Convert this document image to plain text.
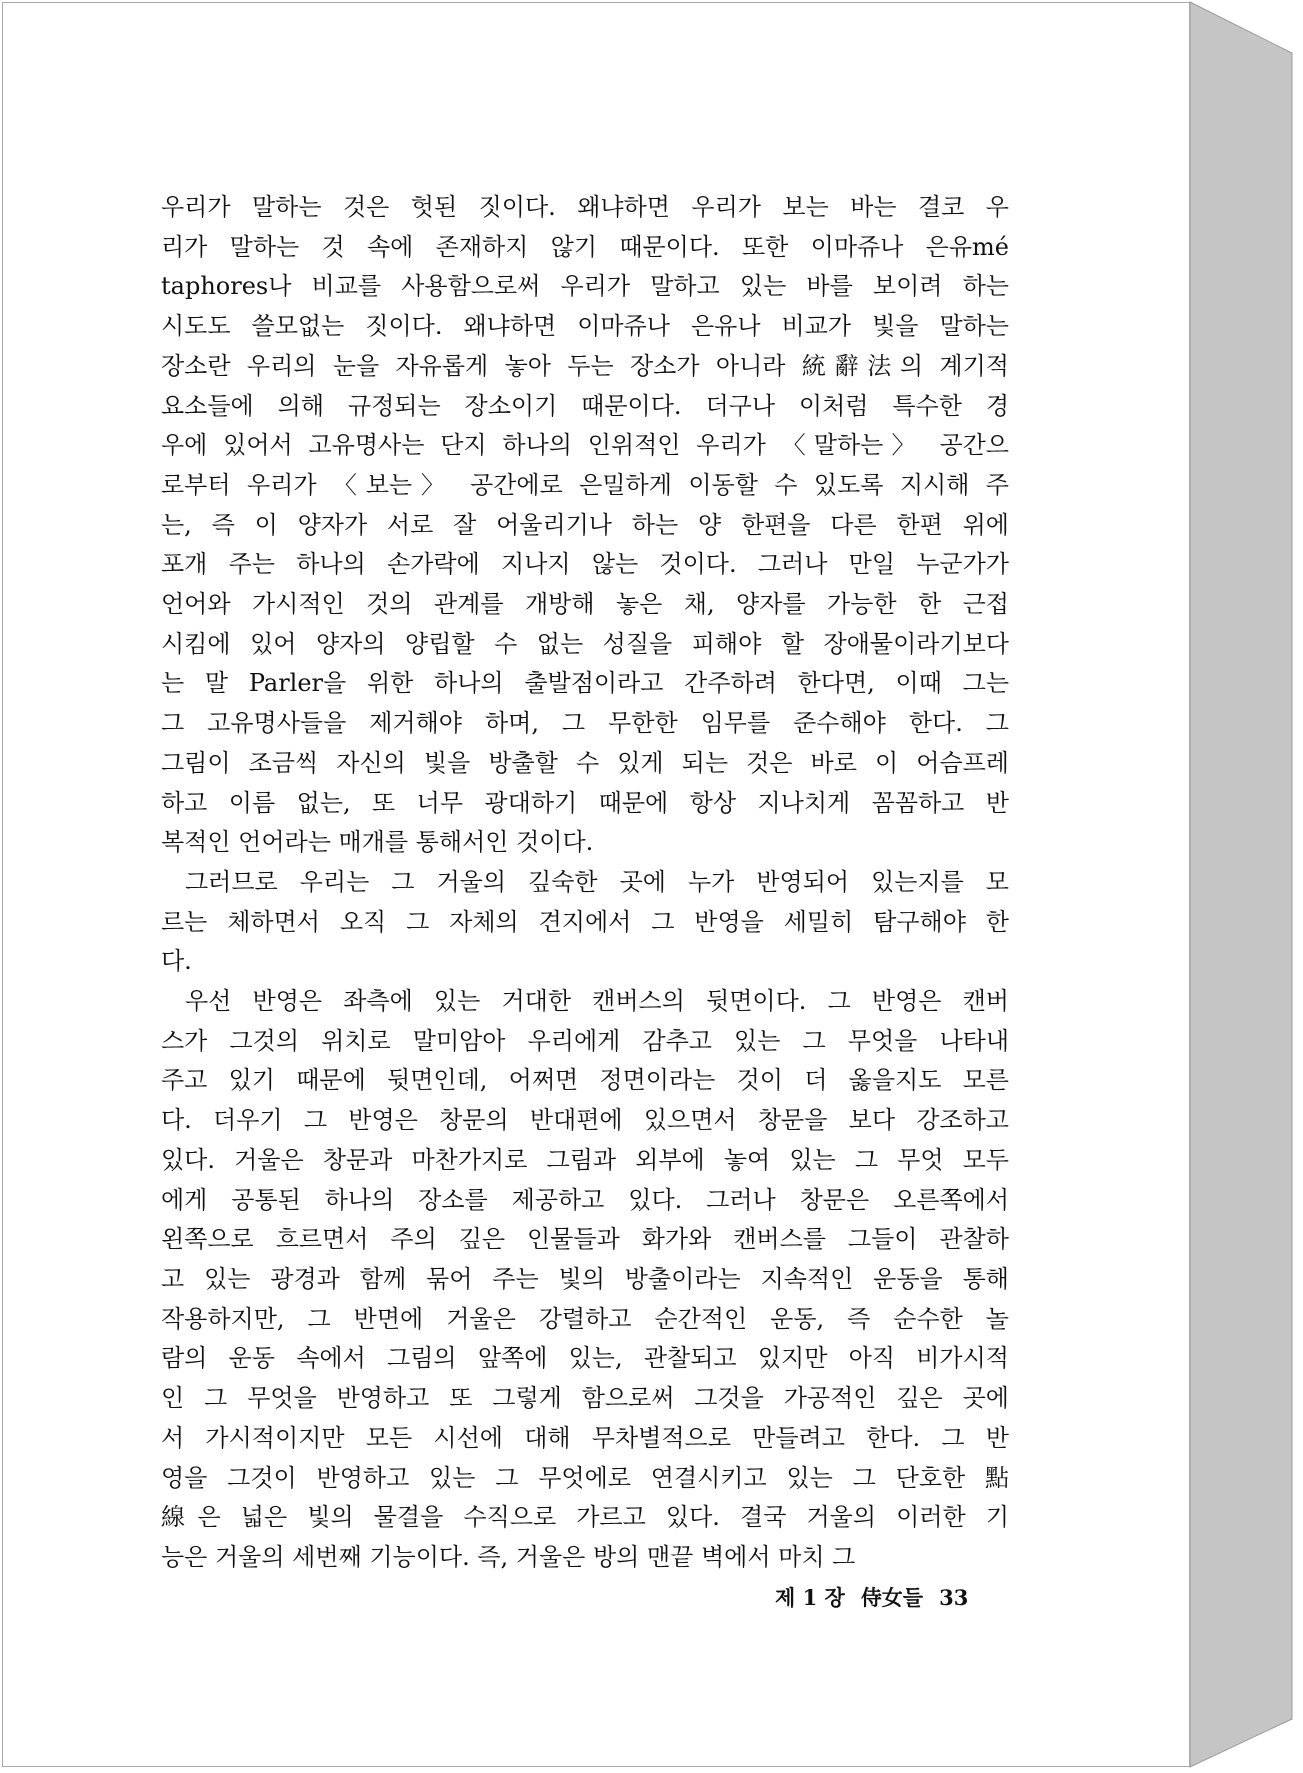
우리가 말하는 것은 헛된 짓이다. 왜냐하면 우리가 보는 바는 결코 우
리가 말하는 것 속에 존재하지 않기 때문이다. 또한 이마쥬나 은유mé
taphores나 비교를 사용함으로써 우리가 말하고 있는 바를 보이려 하는
시도도 쓸모없는 짓이다. 왜냐하면 이마쥬나 은유나 비교가 빛을 말하는
장소란 우리의 눈을 자유롭게 놓아 두는 장소가 아니라 統辭法의 계기적
요소들에 의해 규정되는 장소이기 때문이다. 더구나 이처럼 특수한 경
우에 있어서 고유명사는 단지 하나의 인위적인 우리가 〈말하는〉 공간으
로부터 우리가 〈보는〉 공간에로 은밀하게 이동할 수 있도록 지시해 주
는, 즉 이 양자가 서로 잘 어울리기나 하는 양 한편을 다른 한편 위에
포개 주는 하나의 손가락에 지나지 않는 것이다. 그러나 만일 누군가가
언어와 가시적인 것의 관계를 개방해 놓은 채, 양자를 가능한 한 근접
시킴에 있어 양자의 양립할 수 없는 성질을 피해야 할 장애물이라기보다
는 말 Parler을 위한 하나의 출발점이라고 간주하려 한다면, 이때 그는
그 고유명사들을 제거해야 하며, 그 무한한 임무를 준수해야 한다. 그
그림이 조금씩 자신의 빛을 방출할 수 있게 되는 것은 바로 이 어슴프레
하고 이름 없는, 또 너무 광대하기 때문에 항상 지나치게 꼼꼼하고 반
복적인 언어라는 매개를 통해서인 것이다.
그러므로 우리는 그 거울의 깊숙한 곳에 누가 반영되어 있는지를 모
르는 체하면서 오직 그 자체의 견지에서 그 반영을 세밀히 탐구해야 한
다.
우선 반영은 좌측에 있는 거대한 캔버스의 뒷면이다. 그 반영은 캔버
스가 그것의 위치로 말미암아 우리에게 감추고 있는 그 무엇을 나타내
주고 있기 때문에 뒷면인데, 어쩌면 정면이라는 것이 더 옳을지도 모른
다. 더우기 그 반영은 창문의 반대편에 있으면서 창문을 보다 강조하고
있다. 거울은 창문과 마찬가지로 그림과 외부에 놓여 있는 그 무엇 모두
에게 공통된 하나의 장소를 제공하고 있다. 그러나 창문은 오른쪽에서
왼쪽으로 흐르면서 주의 깊은 인물들과 화가와 캔버스를 그들이 관찰하
고 있는 광경과 함께 묶어 주는 빛의 방출이라는 지속적인 운동을 통해
작용하지만, 그 반면에 거울은 강렬하고 순간적인 운동, 즉 순수한 놀
람의 운동 속에서 그림의 앞쪽에 있는, 관찰되고 있지만 아직 비가시적
인 그 무엇을 반영하고 또 그렇게 함으로써 그것을 가공적인 깊은 곳에
서 가시적이지만 모든 시선에 대해 무차별적으로 만들려고 한다. 그 반
영을 그것이 반영하고 있는 그 무엇에로 연결시키고 있는 그 단호한 點
線은 넓은 빛의 물결을 수직으로 가르고 있다. 결국 거울의 이러한 기
능은 거울의 세번째 기능이다. 즉, 거울은 방의 맨끝 벽에서 마치 그
제 1 장 侍女들 33
